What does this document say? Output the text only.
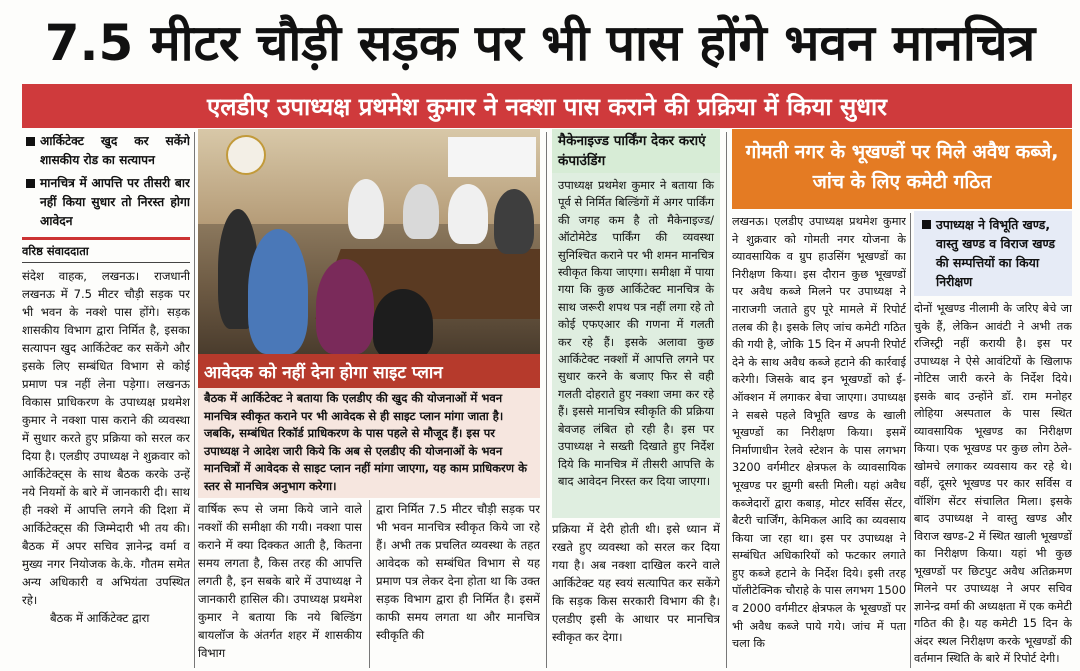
7.5 मीटर चौड़ी सड़क पर भी पास होंगे भवन मानचित्र
एलडीए उपाध्यक्ष प्रथमेश कुमार ने नक्शा पास कराने की प्रक्रिया में किया सुधार
आर्किटेक्ट खुद कर सकेंगे शासकीय रोड का सत्यापन
मानचित्र में आपत्ति पर तीसरी बार नहीं किया सुधार तो निरस्त होगा आवेदन
वरिष्ठ संवाददाता

संदेश वाहक, लखनऊ। राजधानी लखनऊ में 7.5 मीटर चौड़ी सड़क पर भी भवन के नक्शे पास होंगे। सड़क शासकीय विभाग द्वारा निर्मित है, इसका सत्यापन खुद आर्किटेक्ट कर सकेंगे और इसके लिए सम्बंधित विभाग से कोई प्रमाण पत्र नहीं लेना पड़ेगा। लखनऊ विकास प्राधिकरण के उपाध्यक्ष प्रथमेश कुमार ने नक्शा पास कराने की व्यवस्था में सुधार करते हुए प्रक्रिया को सरल कर दिया है। एलडीए उपाध्यक्ष ने शुक्रवार को आर्किटेक्ट्स के साथ बैठक करके उन्हें नये नियमों के बारे में जानकारी दी। साथ ही नक्शे में आपत्ति लगने की दिशा में आर्किटेक्ट्स की जिम्मेदारी भी तय की। बैठक में अपर सचिव ज्ञानेन्द्र वर्मा व मुख्य नगर नियोजक के.के. गौतम समेत अन्य अधिकारी व अभियंता उपस्थित रहे।

बैठक में आर्किटेक्ट द्वारा

आवेदक को नहीं देना होगा साइट प्लान
बैठक में आर्किटेक्ट ने बताया कि एलडीए की खुद की योजनाओं में भवन मानचित्र स्वीकृत कराने पर भी आवेदक से ही साइट प्लान मांगा जाता है। जबकि, सम्बंधित रिकॉर्ड प्राधिकरण के पास पहले से मौजूद हैं। इस पर उपाध्यक्ष ने आदेश जारी किये कि अब से एलडीए की योजनाओं के भवन मानचित्रों में आवेदक से साइट प्लान नहीं मांगा जाएगा, यह काम प्राधिकरण के स्तर से मानचित्र अनुभाग करेगा।
वार्षिक रूप से जमा किये जाने वाले नक्शों की समीक्षा की गयी। नक्शा पास कराने में क्या दिक्कत आती है, कितना समय लगता है, किस तरह की आपत्ति लगती है, इन सबके बारे में उपाध्यक्ष ने जानकारी हासिल की। उपाध्यक्ष प्रथमेश कुमार ने बताया कि नये बिल्डिंग बायलॉज के अंतर्गत शहर में शासकीय विभाग
द्वारा निर्मित 7.5 मीटर चौड़ी सड़क पर भी भवन मानचित्र स्वीकृत किये जा रहे हैं। अभी तक प्रचलित व्यवस्था के तहत आवेदक को सम्बंधित विभाग से यह प्रमाण पत्र लेकर देना होता था कि उक्त सड़क विभाग द्वारा ही निर्मित है। इसमें काफी समय लगता था और मानचित्र स्वीकृति की
मैकेनाइज्ड पार्किंग देकर कराएं कंपाउंडिंग
उपाध्यक्ष प्रथमेश कुमार ने बताया कि पूर्व से निर्मित बिल्डिंगों में अगर पार्किंग की जगह कम है तो मैकेनाइज्ड/ऑटोमेटेड पार्किंग की व्यवस्था सुनिश्चित कराने पर भी शमन मानचित्र स्वीकृत किया जाएगा। समीक्षा में पाया गया कि कुछ आर्किटेक्ट मानचित्र के साथ जरूरी शपथ पत्र नहीं लगा रहे तो कोई एफएआर की गणना में गलती कर रहे हैं। इसके अलावा कुछ आर्किटेक्ट नक्शों में आपत्ति लगने पर सुधार करने के बजाए फिर से वही गलती दोहराते हुए नक्शा जमा कर रहे हैं। इससे मानचित्र स्वीकृति की प्रक्रिया बेवजह लंबित हो रही है। इस पर उपाध्यक्ष ने सख्ती दिखाते हुए निर्देश दिये कि मानचित्र में तीसरी आपत्ति के बाद आवेदन निरस्त कर दिया जाएगा।
प्रक्रिया में देरी होती थी। इसे ध्यान में रखते हुए व्यवस्था को सरल कर दिया गया है। अब नक्शा दाखिल करने वाले आर्किटेक्ट यह स्वयं सत्यापित कर सकेंगे कि सड़क किस सरकारी विभाग की है। एलडीए इसी के आधार पर मानचित्र स्वीकृत कर देगा।
गोमती नगर के भूखण्डों पर मिले अवैध कब्जे, जांच के लिए कमेटी गठित
लखनऊ। एलडीए उपाध्यक्ष प्रथमेश कुमार ने शुक्रवार को गोमती नगर योजना के व्यावसायिक व ग्रुप हाउसिंग भूखण्डों का निरीक्षण किया। इस दौरान कुछ भूखण्डों पर अवैध कब्जे मिलने पर उपाध्यक्ष ने नाराजगी जताते हुए पूरे मामले में रिपोर्ट तलब की है। इसके लिए जांच कमेटी गठित की गयी है, जोकि 15 दिन में अपनी रिपोर्ट देने के साथ अवैध कब्जे हटाने की कार्रवाई करेगी। जिसके बाद इन भूखण्डों को ई-ऑक्शन में लगाकर बेचा जाएगा। उपाध्यक्ष ने सबसे पहले विभूति खण्ड के खाली भूखण्डों का निरीक्षण किया। इसमें निर्माणाधीन रेलवे स्टेशन के पास लगभग 3200 वर्गमीटर क्षेत्रफल के व्यावसायिक भूखण्ड पर झुग्गी बस्ती मिली। यहां अवैध कब्जेदारों द्वारा कबाड़, मोटर सर्विस सेंटर, बैटरी चार्जिंग, केमिकल आदि का व्यवसाय किया जा रहा था। इस पर उपाध्यक्ष ने सम्बंधित अधिकारियों को फटकार लगाते हुए कब्जे हटाने के निर्देश दिये। इसी तरह पॉलीटेक्निक चौराहे के पास लगभग 1500 व 2000 वर्गमीटर क्षेत्रफल के भूखण्डों पर भी अवैध कब्जे पाये गये। जांच में पता चला कि
उपाध्यक्ष ने विभूति खण्ड, वास्तु खण्ड व विराज खण्ड की सम्पत्तियों का किया निरीक्षण
दोनों भूखण्ड नीलामी के जरिए बेचे जा चुके हैं, लेकिन आवंटी ने अभी तक रजिस्ट्री नहीं करायी है। इस पर उपाध्यक्ष ने ऐसे आवंटियों के खिलाफ नोटिस जारी करने के निर्देश दिये। इसके बाद उन्होंने डॉ. राम मनोहर लोहिया अस्पताल के पास स्थित व्यावसायिक भूखण्ड का निरीक्षण किया। एक भूखण्ड पर कुछ लोग ठेले-खोमचे लगाकर व्यवसाय कर रहे थे। वहीं, दूसरे भूखण्ड पर कार सर्विस व वॉशिंग सेंटर संचालित मिला। इसके बाद उपाध्यक्ष ने वास्तु खण्ड और विराज खण्ड-2 में स्थित खाली भूखण्डों का निरीक्षण किया। यहां भी कुछ भूखण्डों पर छिटपुट अवैध अतिक्रमण मिलने पर उपाध्यक्ष ने अपर सचिव ज्ञानेन्द्र वर्मा की अध्यक्षता में एक कमेटी गठित की है। यह कमेटी 15 दिन के अंदर स्थल निरीक्षण करके भूखण्डों की वर्तमान स्थिति के बारे में रिपोर्ट देगी।
